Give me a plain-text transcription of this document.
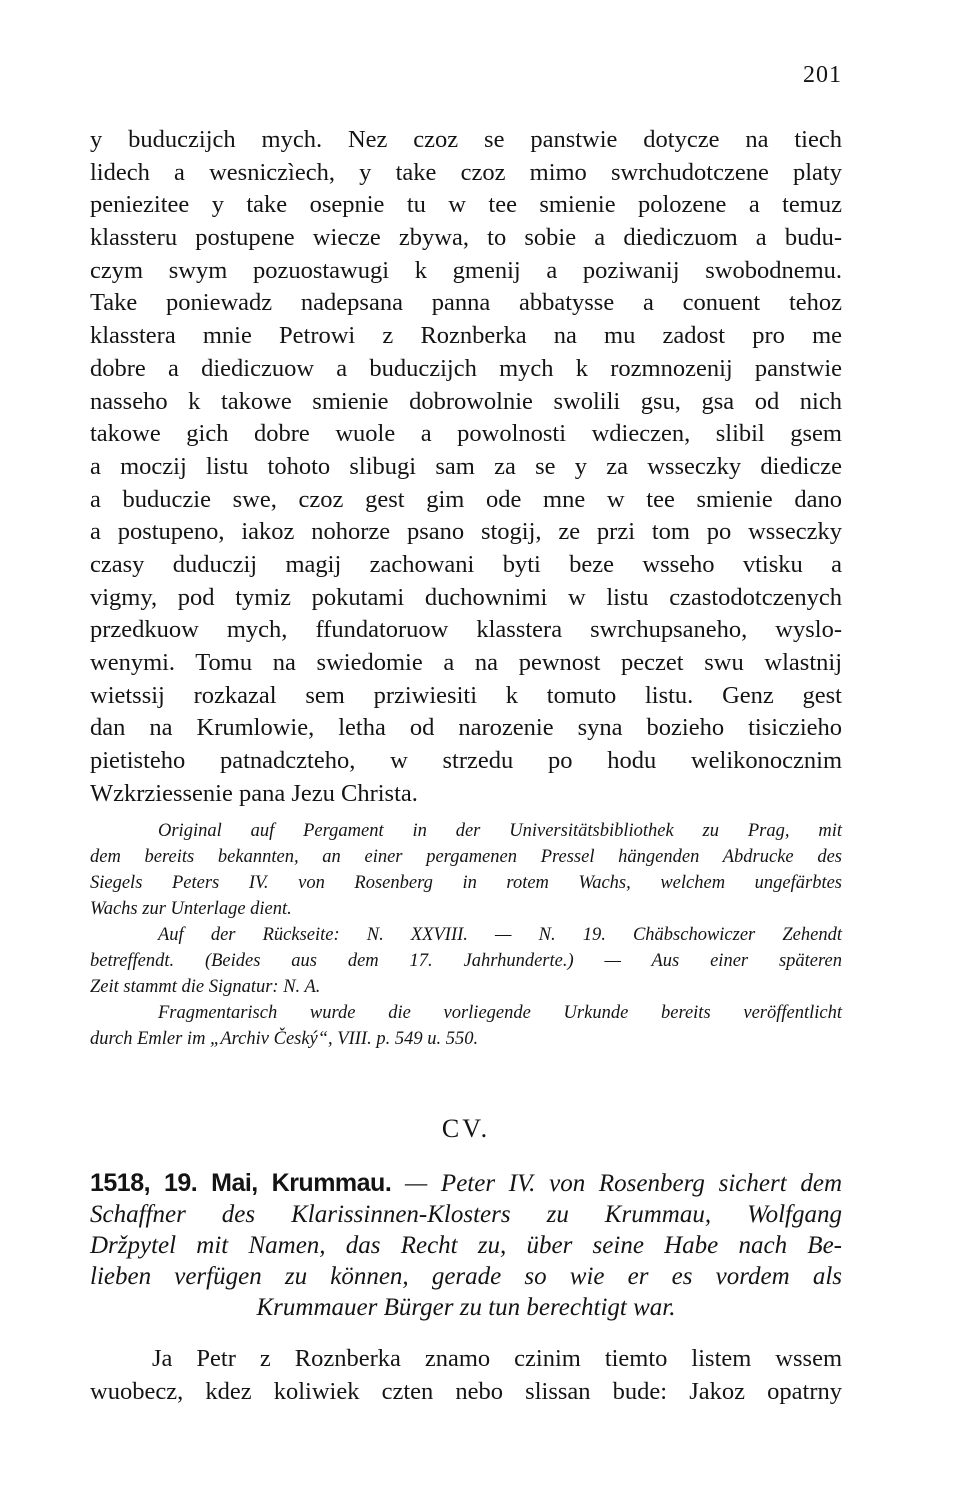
201
y buduczijch mych. Nez czoz se panstwie dotycze na tiech
lidech a wesniczìech, y take czoz mimo swrchudotczene platy
peniezitee y take osepnie tu w tee smienie polozene a temuz
klassteru postupene wiecze zbywa, to sobie a diediczuom a budu-
czym swym pozuostawugi k gmenij a poziwanij swobodnemu.
Take poniewadz nadepsana panna abbatysse a conuent tehoz
klasstera mnie Petrowi z Roznberka na mu zadost pro me
dobre a diediczuow a buduczijch mych k rozmnozenij panstwie
nasseho k takowe smienie dobrowolnie swolili gsu, gsa od nich
takowe gich dobre wuole a powolnosti wdieczen, slibil gsem
a moczij listu tohoto slibugi sam za se y za wsseczky diedicze
a buduczie swe, czoz gest gim ode mne w tee smienie dano
a postupeno, iakoz nohorze psano stogij, ze przi tom po wsseczky
czasy duduczij magij zachowani byti beze wsseho vtisku a
vigmy, pod tymiz pokutami duchownimi w listu czastodotczenych
przedkuow mych, ffundatoruow klasstera swrchupsaneho, wyslo-
wenymi. Tomu na swiedomie a na pewnost peczet swu wlastnij
wietssij rozkazal sem prziwiesiti k tomuto listu. Genz gest
dan na Krumlowie, letha od narozenie syna bozieho tisicziehо
pietisteho patnadczteho, w strzedu po hodu welikonocznim
Wzkrziessenie pana Jezu Christa.
Original auf Pergament in der Universitätsbibliothek zu Prag, mit
dem bereits bekannten, an einer pergamenen Pressel hängenden Abdrucke des
Siegels Peters IV. von Rosenberg in rotem Wachs, welchem ungefärbtes
Wachs zur Unterlage dient.
Auf der Rückseite: N. XXVIII. — N. 19. Chäbschowiczer Zehendt
betreffendt. (Beides aus dem 17. Jahrhunderte.) — Aus einer späteren
Zeit stammt die Signatur: N. A.
Fragmentarisch wurde die vorliegende Urkunde bereits veröffentlicht
durch Emler im „Archiv Český“, VIII. p. 549 u. 550.
CV.
1518, 19. Mai, Krummau. — Peter IV. von Rosenberg sichert dem
Schaffner des Klarissinnen-Klosters zu Krummau, Wolfgang
Držpytel mit Namen, das Recht zu, über seine Habe nach Be-
lieben verfügen zu können, gerade so wie er es vordem als
Krummauer Bürger zu tun berechtigt war.
Ja Petr z Roznberka znamo czinim tiemto listem wssem
wuobecz, kdez koliwiek czten nebo slissan bude: Jakoz opatrny
